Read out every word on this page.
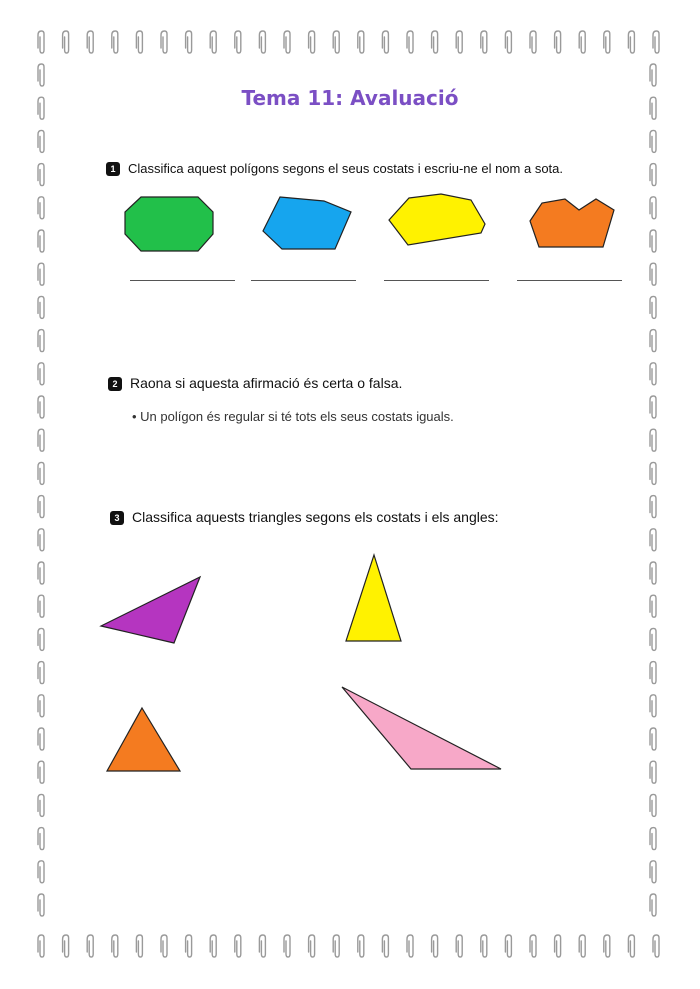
Tema 11: Avaluació
1 Classifica aquest polígons segons el seus costats i escriu-ne el nom a sota.
2 Raona si aquesta afirmació és certa o falsa.
• Un polígon és regular si té tots els seus costats iguals.
3 Classifica aquests triangles segons els costats i els angles:
